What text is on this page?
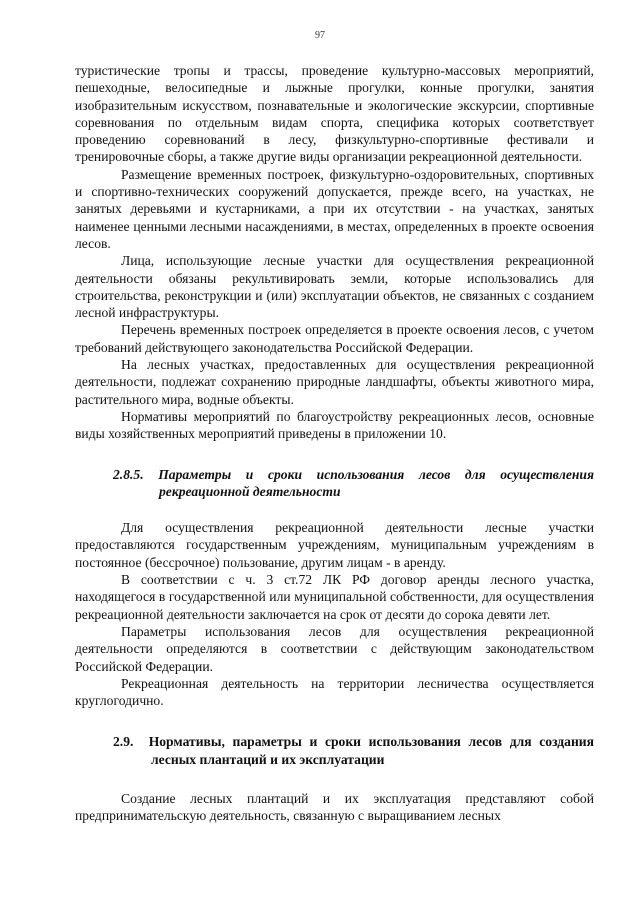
97

туристические тропы и трассы, проведение культурно-массовых мероприятий, пешеходные, велосипедные и лыжные прогулки, конные прогулки, занятия изобразительным искусством, познавательные и экологические экскурсии, спортивные соревнования по отдельным видам спорта, специфика которых соответствует проведению соревнований в лесу, физкультурно-спортивные фестивали и тренировочные сборы, а также другие виды организации рекреационной деятельности.

Размещение временных построек, физкультурно-оздоровительных, спортивных и спортивно-технических сооружений допускается, прежде всего, на участках, не занятых деревьями и кустарниками, а при их отсутствии - на участках, занятых наименее ценными лесными насаждениями, в местах, определенных в проекте освоения лесов.

Лица, использующие лесные участки для осуществления рекреационной деятельности обязаны рекультивировать земли, которые использовались для строительства, реконструкции и (или) эксплуатации объектов, не связанных с созданием лесной инфраструктуры.

Перечень временных построек определяется в проекте освоения лесов, с учетом требований действующего законодательства Российской Федерации.

На лесных участках, предоставленных для осуществления рекреационной деятельности, подлежат сохранению природные ландшафты, объекты животного мира, растительного мира, водные объекты.

Нормативы мероприятий по благоустройству рекреационных лесов, основные виды хозяйственных мероприятий приведены в приложении 10.

2.8.5. Параметры и сроки использования лесов для осуществления рекреационной деятельности

Для осуществления рекреационной деятельности лесные участки предоставляются государственным учреждениям, муниципальным учреждениям в постоянное (бессрочное) пользование, другим лицам - в аренду.

В соответствии с ч. 3 ст.72 ЛК РФ договор аренды лесного участка, находящегося в государственной или муниципальной собственности, для осуществления рекреационной деятельности заключается на срок от десяти до сорока девяти лет.

Параметры использования лесов для осуществления рекреационной деятельности определяются в соответствии с действующим законодательством Российской Федерации.

Рекреационная деятельность на территории лесничества осуществляется круглогодично.

2.9. Нормативы, параметры и сроки использования лесов для создания лесных плантаций и их эксплуатации

Создание лесных плантаций и их эксплуатация представляют собой предпринимательскую деятельность, связанную с выращиванием лесных
